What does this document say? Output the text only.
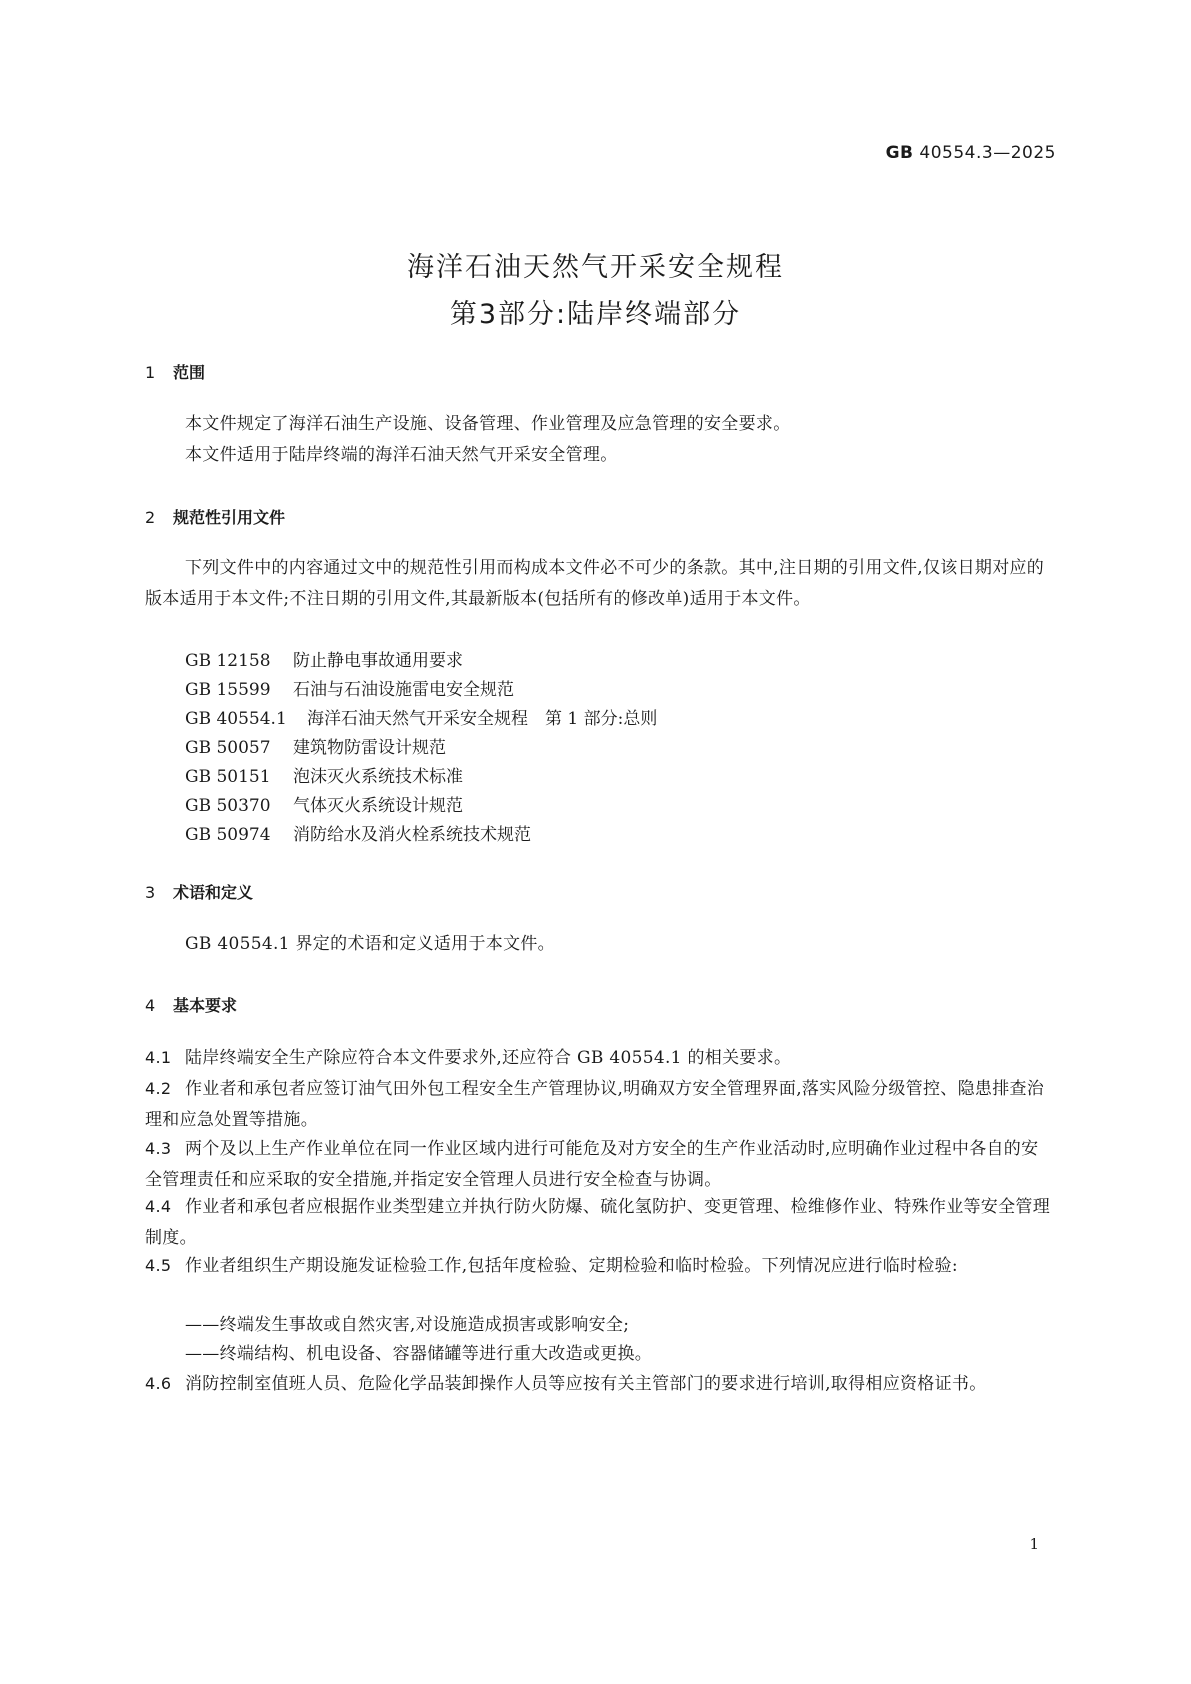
GB 40554.3—2025
海洋石油天然气开采安全规程
第3部分:陆岸终端部分
1 范围
本文件规定了海洋石油生产设施、设备管理、作业管理及应急管理的安全要求。
本文件适用于陆岸终端的海洋石油天然气开采安全管理。
2 规范性引用文件
下列文件中的内容通过文中的规范性引用而构成本文件必不可少的条款。其中,注日期的引用文件,仅该日期对应的版本适用于本文件;不注日期的引用文件,其最新版本(包括所有的修改单)适用于本文件。
GB 12158 防止静电事故通用要求
GB 15599 石油与石油设施雷电安全规范
GB 40554.1 海洋石油天然气开采安全规程　第 1 部分:总则
GB 50057 建筑物防雷设计规范
GB 50151 泡沫灭火系统技术标准
GB 50370 气体灭火系统设计规范
GB 50974 消防给水及消火栓系统技术规范
3 术语和定义
GB 40554.1 界定的术语和定义适用于本文件。
4 基本要求
4.1 陆岸终端安全生产除应符合本文件要求外,还应符合 GB 40554.1 的相关要求。
4.2 作业者和承包者应签订油气田外包工程安全生产管理协议,明确双方安全管理界面,落实风险分级管控、隐患排查治理和应急处置等措施。
4.3 两个及以上生产作业单位在同一作业区域内进行可能危及对方安全的生产作业活动时,应明确作业过程中各自的安全管理责任和应采取的安全措施,并指定安全管理人员进行安全检查与协调。
4.4 作业者和承包者应根据作业类型建立并执行防火防爆、硫化氢防护、变更管理、检维修作业、特殊作业等安全管理制度。
4.5 作业者组织生产期设施发证检验工作,包括年度检验、定期检验和临时检验。下列情况应进行临时检验:
——终端发生事故或自然灾害,对设施造成损害或影响安全;
——终端结构、机电设备、容器储罐等进行重大改造或更换。
4.6 消防控制室值班人员、危险化学品装卸操作人员等应按有关主管部门的要求进行培训,取得相应资格证书。
1
